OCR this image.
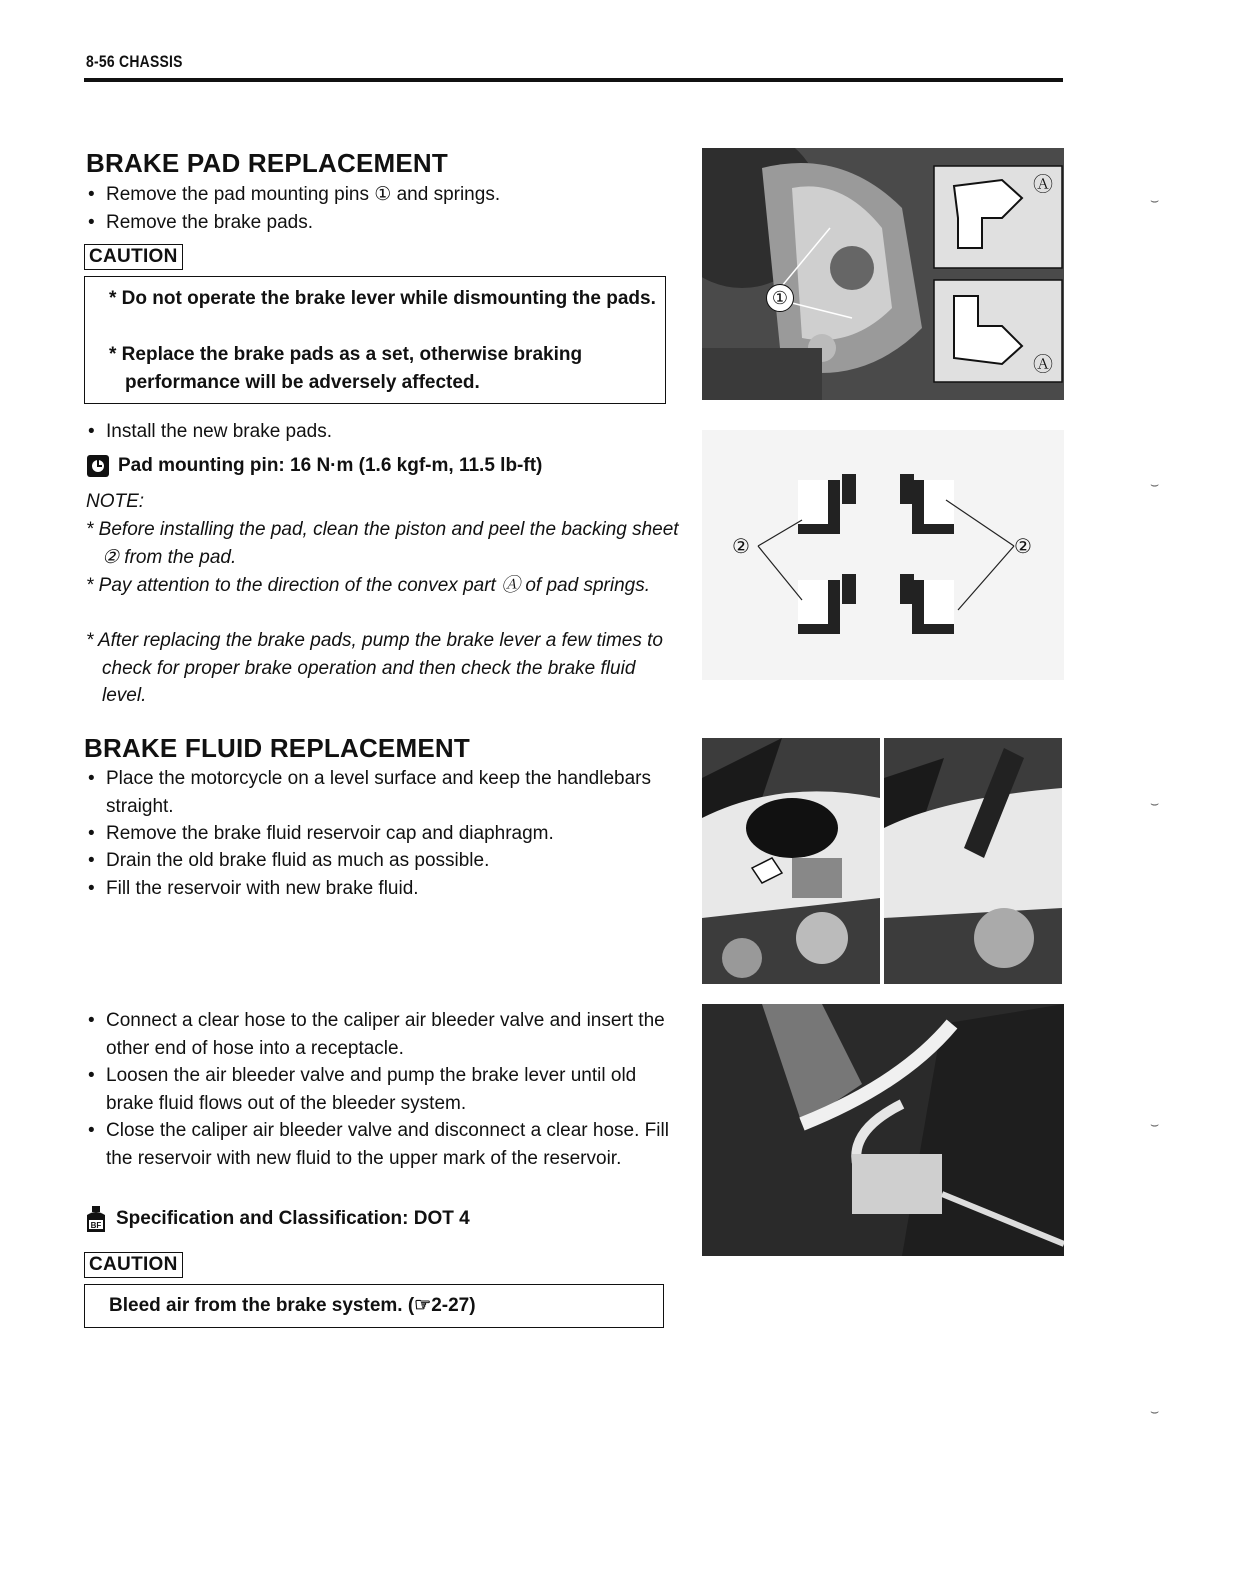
8-56 CHASSIS
BRAKE PAD REPLACEMENT
• Remove the pad mounting pins ① and springs.
• Remove the brake pads.
CAUTION
* Do not operate the brake lever while dismounting the pads.
* Replace the brake pads as a set, otherwise braking performance will be adversely affected.
• Install the new brake pads.
Pad mounting pin: 16 N·m (1.6 kgf-m, 11.5 lb-ft)
NOTE:
* Before installing the pad, clean the piston and peel the backing sheet ② from the pad.
* Pay attention to the direction of the convex part Ⓐ of pad springs.
* After replacing the brake pads, pump the brake lever a few times to check for proper brake operation and then check the brake fluid level.
BRAKE FLUID REPLACEMENT
• Place the motorcycle on a level surface and keep the handlebars straight.
• Remove the brake fluid reservoir cap and diaphragm.
• Drain the old brake fluid as much as possible.
• Fill the reservoir with new brake fluid.
• Connect a clear hose to the caliper air bleeder valve and insert the other end of hose into a receptacle.
• Loosen the air bleeder valve and pump the brake lever until old brake fluid flows out of the bleeder system.
• Close the caliper air bleeder valve and disconnect a clear hose. Fill the reservoir with new fluid to the upper mark of the reservoir.
BF Specification and Classification: DOT 4
CAUTION
Bleed air from the brake system. (☞2-27)
①
Ⓐ
Ⓐ
②	②
⌣
⌣
⌣
⌣
⌣
